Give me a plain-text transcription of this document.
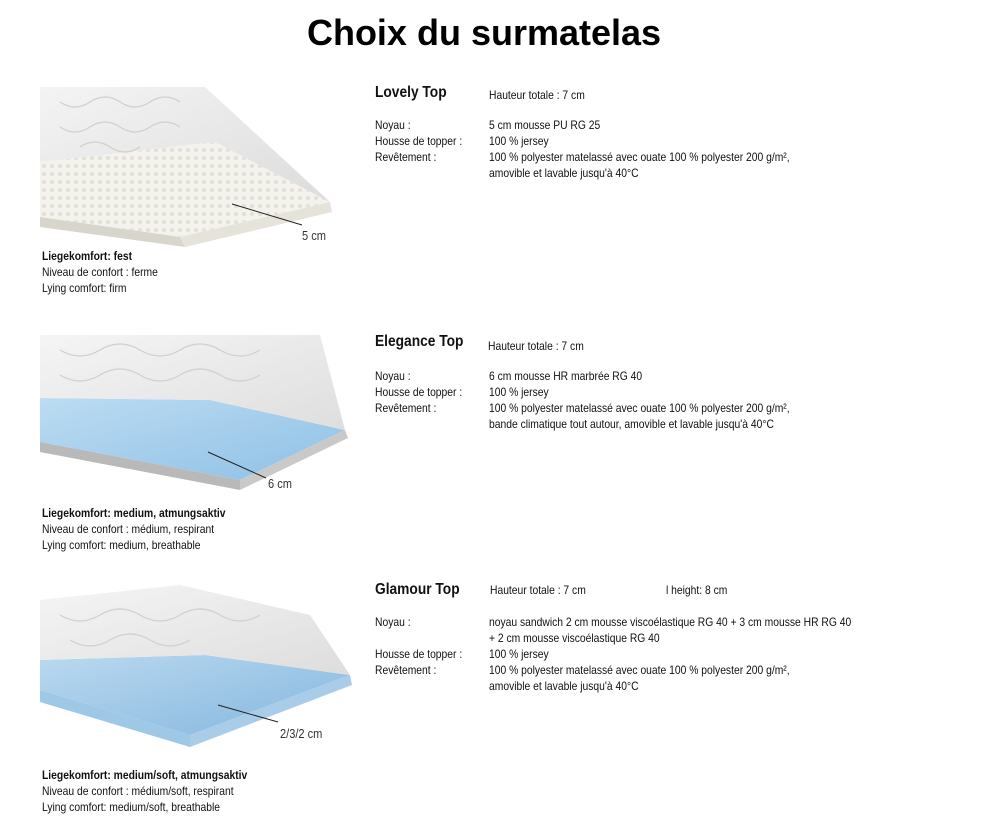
Choix du surmatelas
5 cm
Liegekomfort: fest
Niveau de confort : ferme
Lying comfort: firm
Lovely Top	Hauteur totale : 7 cm
Noyau :	5 cm mousse PU RG 25
Housse de topper :	100 % jersey
Revêtement :	100 % polyester matelassé avec ouate 100 % polyester 200 g/m²,
amovible et lavable jusqu'à 40°C
6 cm
Liegekomfort: medium, atmungsaktiv
Niveau de confort : médium, respirant
Lying comfort: medium, breathable
Elegance Top Hauteur totale : 7 cm
Noyau :	6 cm mousse HR marbrée RG 40
Housse de topper :	100 % jersey
Revêtement :	100 % polyester matelassé avec ouate 100 % polyester 200 g/m²,
bande climatique tout autour, amovible et lavable jusqu'à 40°C
2/3/2 cm
Liegekomfort: medium/soft, atmungsaktiv
Niveau de confort : médium/soft, respirant
Lying comfort: medium/soft, breathable
Glamour Top	Hauteur totale : 7 cm	l height: 8 cm
Noyau :	noyau sandwich 2 cm mousse viscoélastique RG 40 + 3 cm mousse HR RG 40
+ 2 cm mousse viscoélastique RG 40
Housse de topper :	100 % jersey
Revêtement :	100 % polyester matelassé avec ouate 100 % polyester 200 g/m²,
amovible et lavable jusqu'à 40°C
